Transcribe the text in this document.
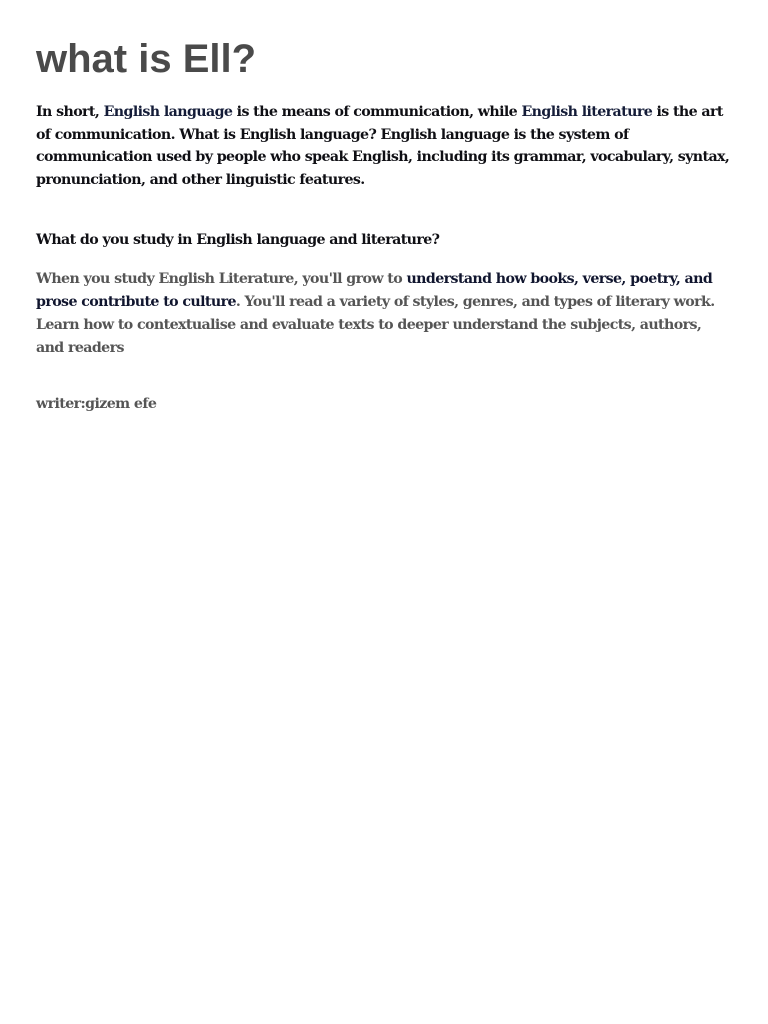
what is Ell?

In short, English language is the means of communication, while English literature is the art of communication. What is English language? English language is the system of communication used by people who speak English, including its grammar, vocabulary, syntax, pronunciation, and other linguistic features.

What do you study in English language and literature?

When you study English Literature, you'll grow to understand how books, verse, poetry, and prose contribute to culture. You'll read a variety of styles, genres, and types of literary work. Learn how to contextualise and evaluate texts to deeper understand the subjects, authors, and readers

writer:gizem efe
